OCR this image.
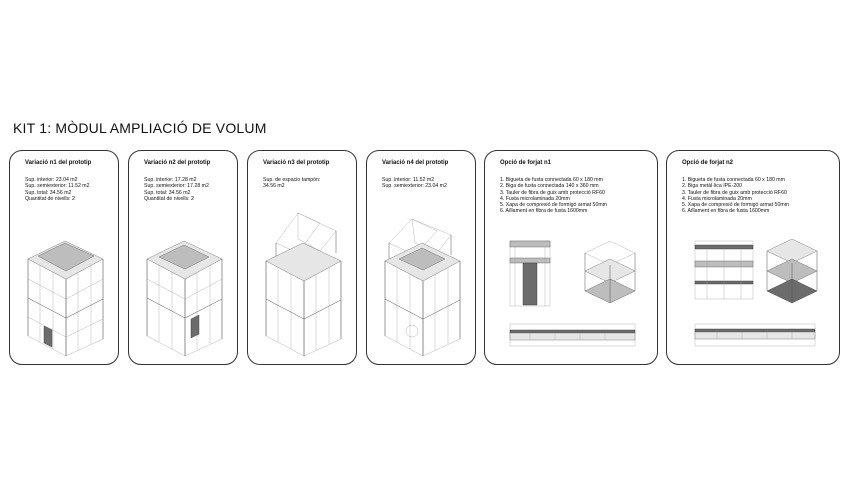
KIT 1: MÒDUL AMPLIACIÓ DE VOLUM
Variació n1 del prototip
Sup. interior: 23.04 m2
Sup. semiexterior: 11.52 m2
Sup. total: 34.56 m2
Quantitat de nivells: 2
Variació n2 del prototip
Sup. interior: 17.28 m2
Sup. semiexterior: 17.28 m2
Sup. total: 34.56 m2
Quantitat de nivells: 2
Variació n3 del prototip
Sup. de espacio tampón:
34.56 m2
Variació n4 del prototip
Sup. interior: 11.52 m2
Sup. semiexterior: 23.04 m2
Opció de forjat n1
1. Bigueta de fusta connectada 60 x 180 mm
2. Biga de fusta connectada 140 x 360 mm
3. Tauler de fibra de guix amb protecció RF60
4. Fusta microlaminada 20mm
5. Xapa de compresió de formigó armat 50mm
6. Aïllament en fibra de fusta 1600mm
Opció de forjat n2
1. Bigueta de fusta connectada 60 x 180 mm
2. Biga metàl·lica IPE-200
3. Tauler de fibra de guix amb protecció RF60
4. Fusta microlaminada 20mm
5. Xapa de compresió de formigó armat 50mm
6. Aïllament en fibra de fusta 1600mm
